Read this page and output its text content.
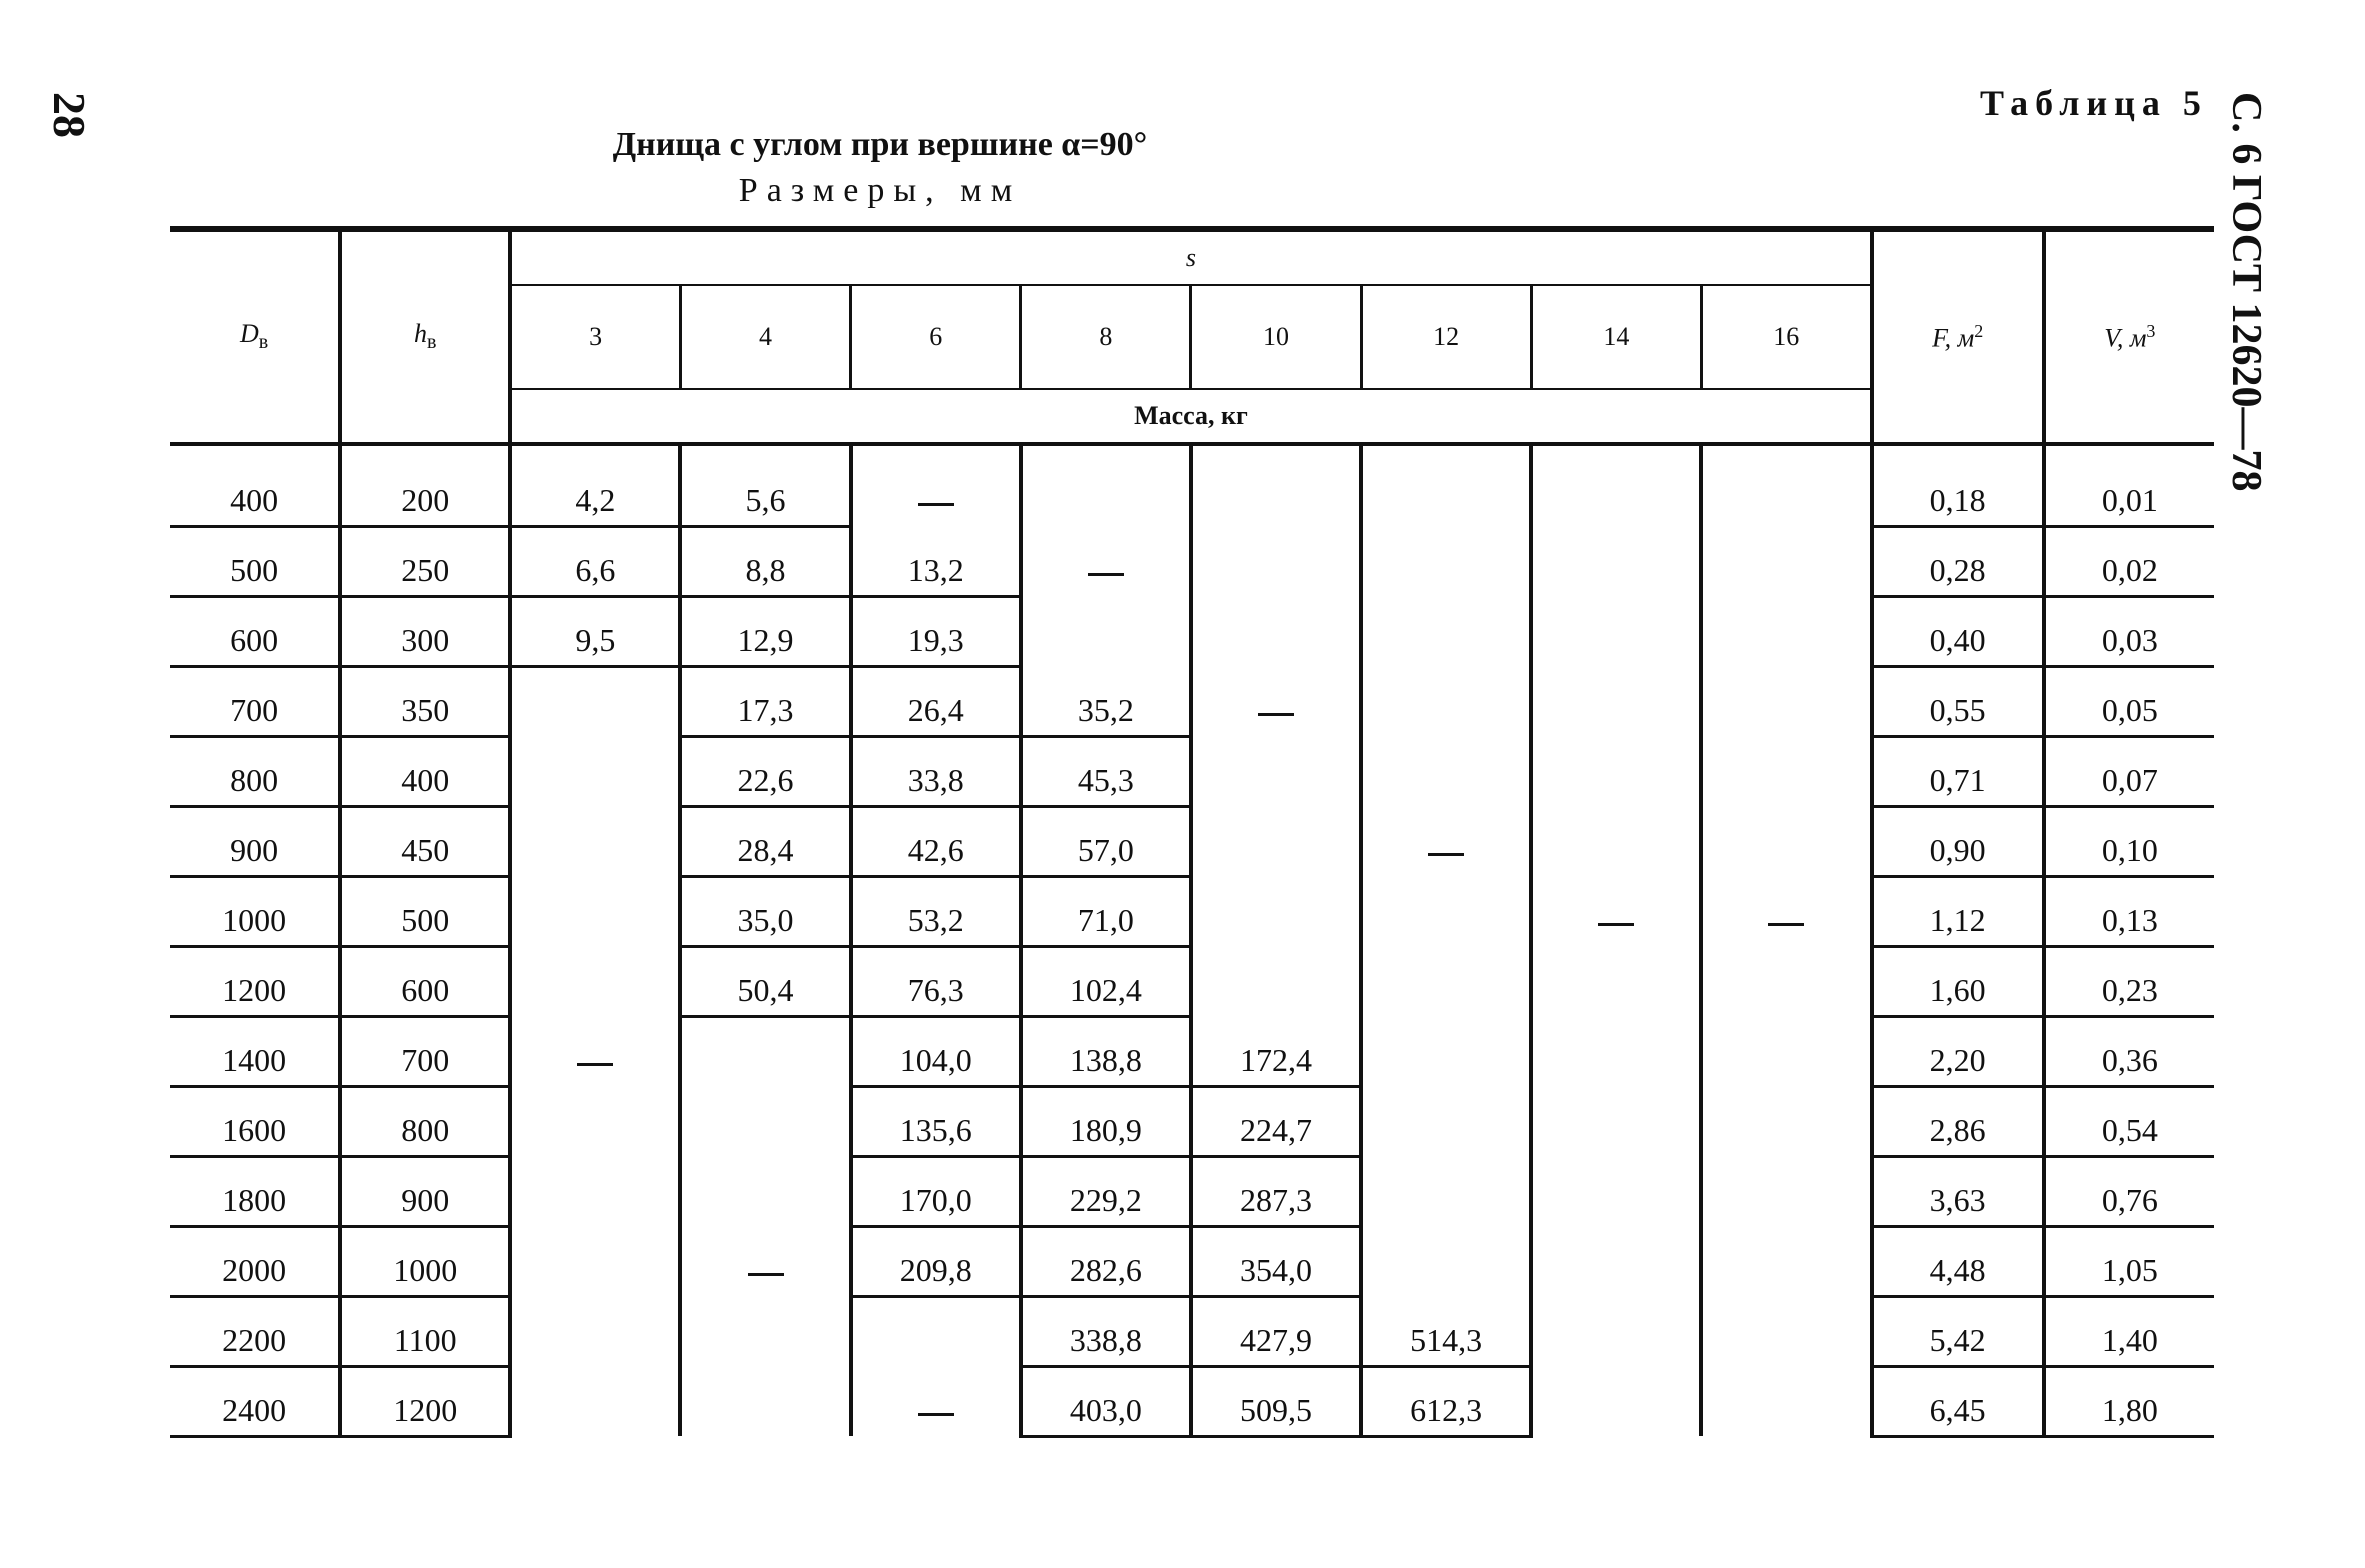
28	С. 6 ГОСТ 12620—78
Таблица 5
Днища с углом при вершине α=90°
Размеры, мм
$D_в$	$h_в$	s								F, $м^2$	V, $м^3$
		3	4	6	8	10	12	14	16		
		Масса, кг									
400	200	4,2	5,6							0,18	0,01
500	250	6,6	8,8	13,2						0,28	0,02
600	300	9,5	12,9	19,3						0,40	0,03
700	350		17,3	26,4	35,2					0,55	0,05
800	400		22,6	33,8	45,3					0,71	0,07
900	450		28,4	42,6	57,0					0,90	0,10
1000	500		35,0	53,2	71,0					1,12	0,13
1200	600		50,4	76,3	102,4					1,60	0,23
1400	700			104,0	138,8	172,4				2,20	0,36
1600	800			135,6	180,9	224,7				2,86	0,54
1800	900			170,0	229,2	287,3				3,63	0,76
2000	1000			209,8	282,6	354,0				4,48	1,05
2200	1100				338,8	427,9	514,3			5,42	1,40
2400	1200				403,0	509,5	612,3			6,45	1,80
